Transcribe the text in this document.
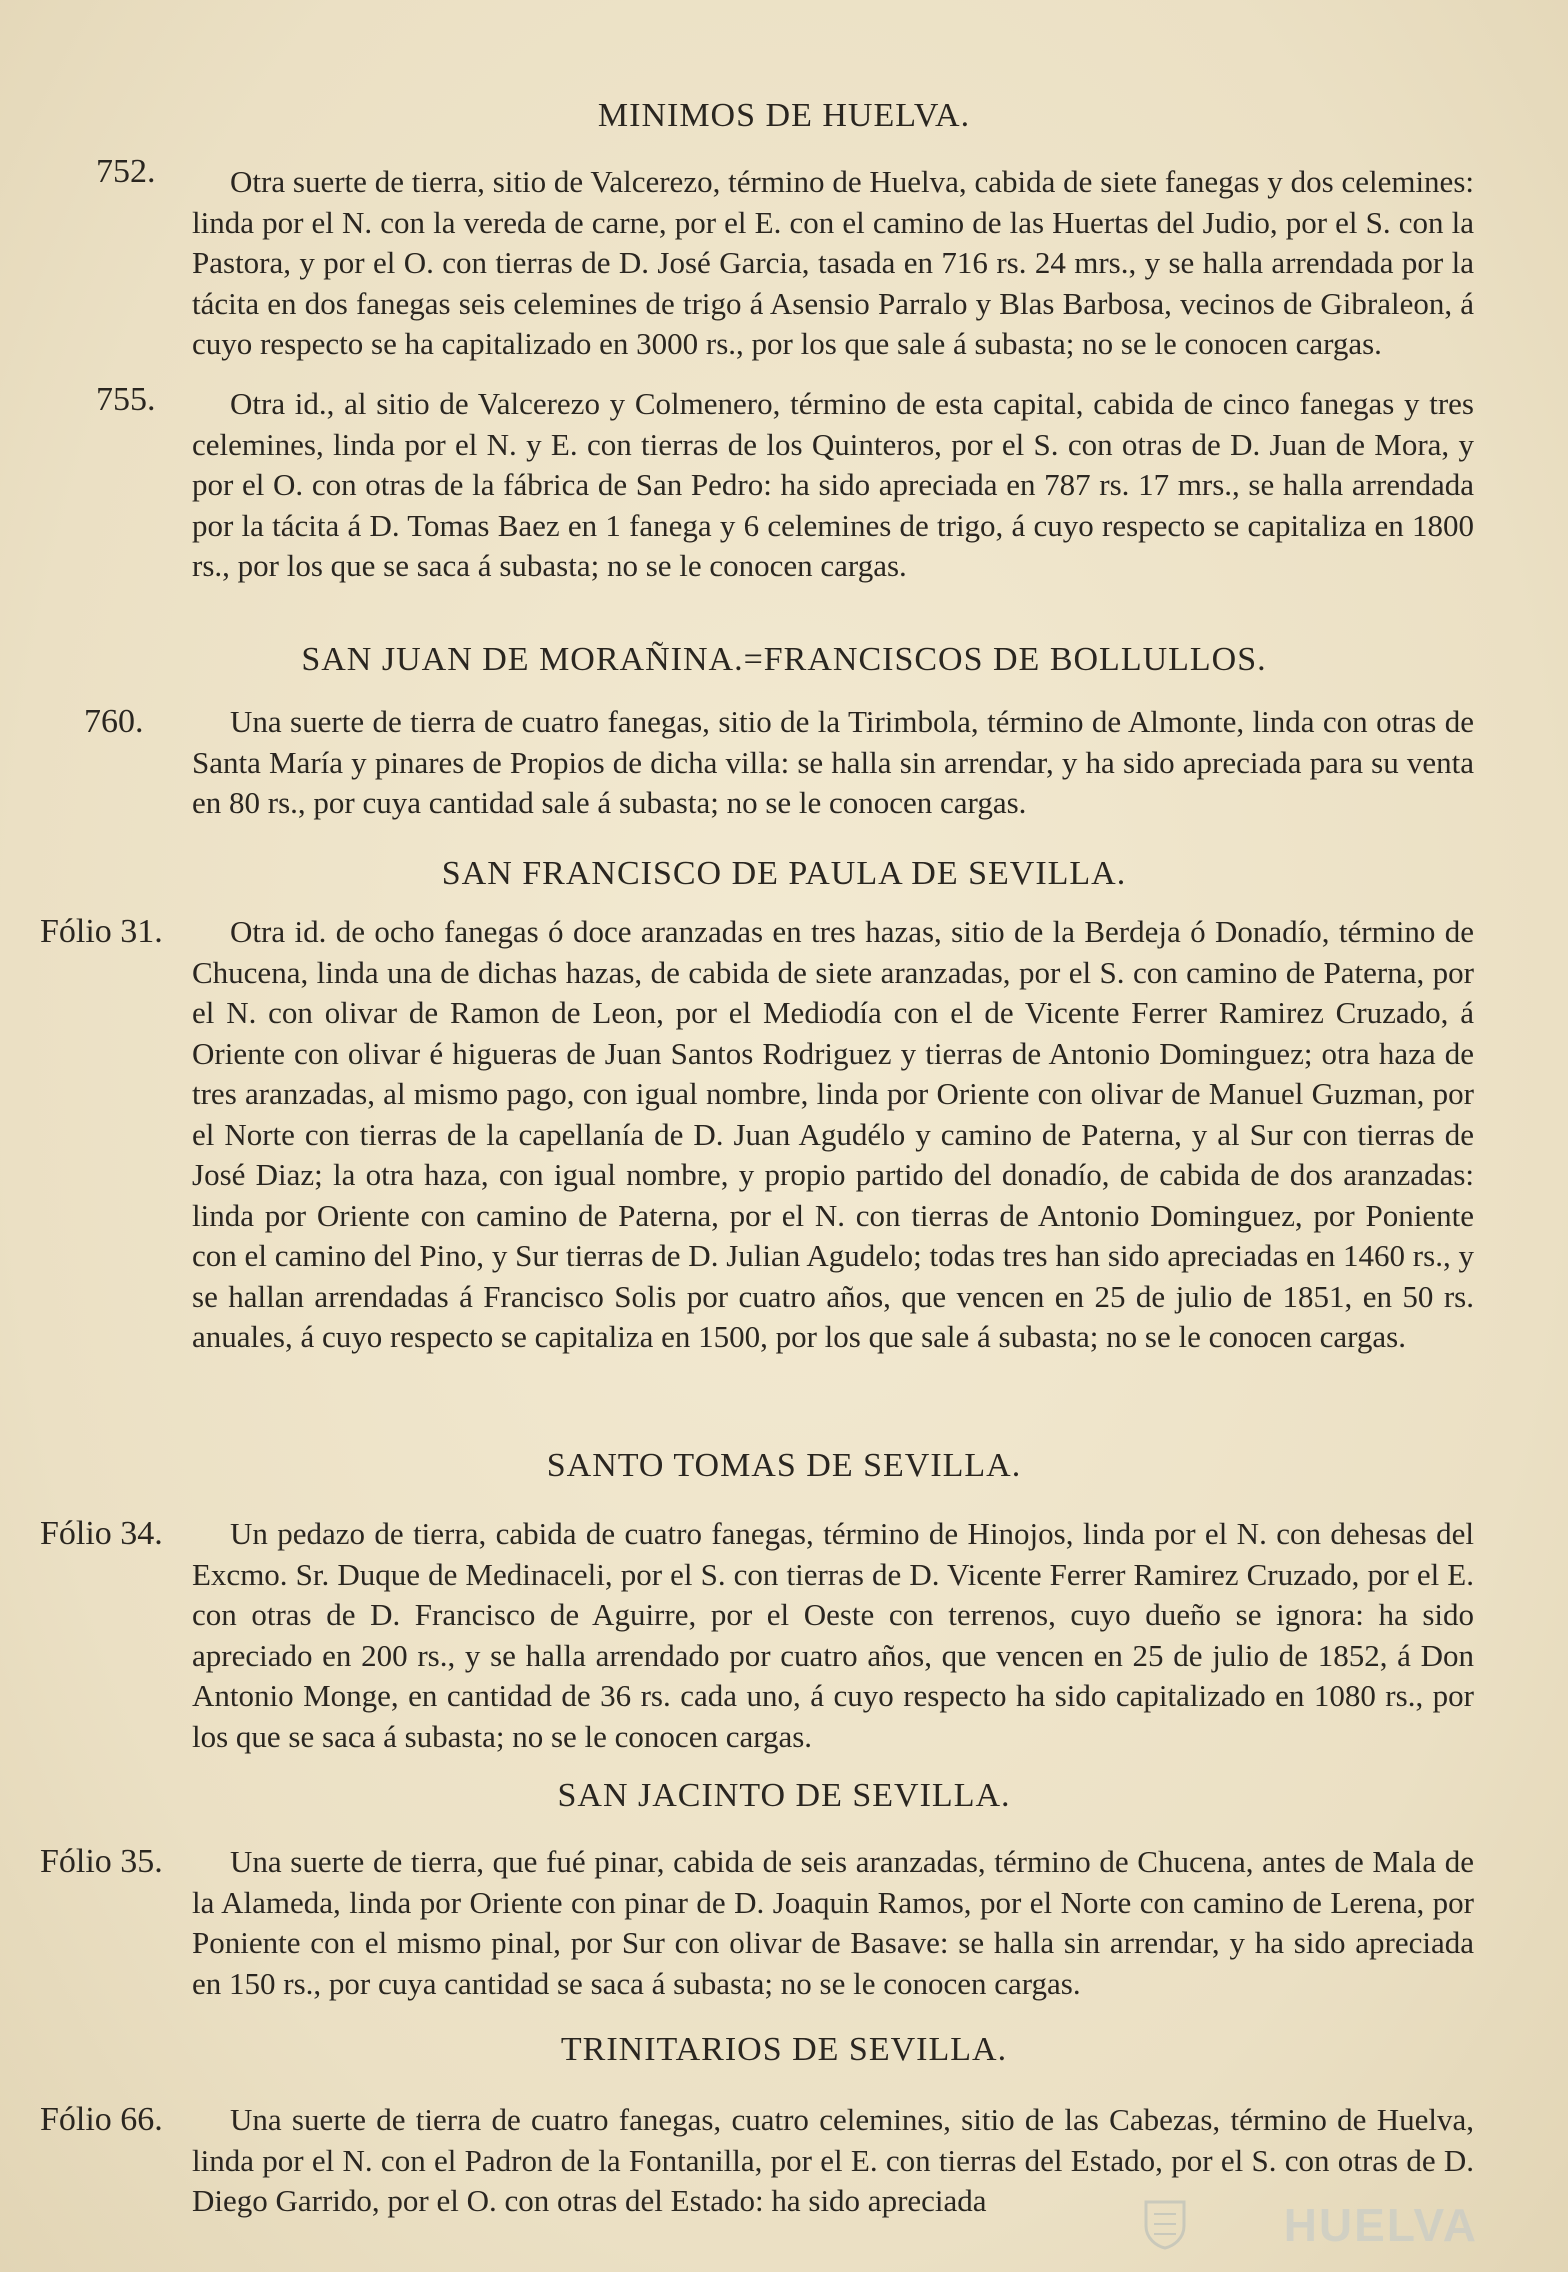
MINIMOS DE HUELVA.
752.	Otra suerte de tierra, sitio de Valcerezo, término de Huelva, cabida de siete fanegas y dos celemines: linda por el N. con la vereda de carne, por el E. con el camino de las Huertas del Judio, por el S. con la Pastora, y por el O. con tierras de D. José Garcia, tasada en 716 rs. 24 mrs., y se halla arrendada por la tácita en dos fanegas seis celemines de trigo á Asensio Parralo y Blas Barbosa, vecinos de Gibraleon, á cuyo respecto se ha capitalizado en 3000 rs., por los que sale á subasta; no se le conocen cargas.
755.	Otra id., al sitio de Valcerezo y Colmenero, término de esta capital, cabida de cinco fanegas y tres celemines, linda por el N. y E. con tierras de los Quinteros, por el S. con otras de D. Juan de Mora, y por el O. con otras de la fábrica de San Pedro: ha sido apreciada en 787 rs. 17 mrs., se halla arrendada por la tácita á D. Tomas Baez en 1 fanega y 6 celemines de trigo, á cuyo respecto se capitaliza en 1800 rs., por los que se saca á subasta; no se le conocen cargas.
SAN JUAN DE MORAÑINA.=FRANCISCOS DE BOLLULLOS.
760.	Una suerte de tierra de cuatro fanegas, sitio de la Tirimbola, término de Almonte, linda con otras de Santa María y pinares de Propios de dicha villa: se halla sin arrendar, y ha sido apreciada para su venta en 80 rs., por cuya cantidad sale á subasta; no se le conocen cargas.
SAN FRANCISCO DE PAULA DE SEVILLA.
Fólio 31.	Otra id. de ocho fanegas ó doce aranzadas en tres hazas, sitio de la Berdeja ó Donadío, término de Chucena, linda una de dichas hazas, de cabida de siete aranzadas, por el S. con camino de Paterna, por el N. con olivar de Ramon de Leon, por el Mediodía con el de Vicente Ferrer Ramirez Cruzado, á Oriente con olivar é higueras de Juan Santos Rodriguez y tierras de Antonio Dominguez; otra haza de tres aranzadas, al mismo pago, con igual nombre, linda por Oriente con olivar de Manuel Guzman, por el Norte con tierras de la capellanía de D. Juan Agudélo y camino de Paterna, y al Sur con tierras de José Diaz; la otra haza, con igual nombre, y propio partido del donadío, de cabida de dos aranzadas: linda por Oriente con camino de Paterna, por el N. con tierras de Antonio Dominguez, por Poniente con el camino del Pino, y Sur tierras de D. Julian Agudelo; todas tres han sido apreciadas en 1460 rs., y se hallan arrendadas á Francisco Solis por cuatro años, que vencen en 25 de julio de 1851, en 50 rs. anuales, á cuyo respecto se capitaliza en 1500, por los que sale á subasta; no se le conocen cargas.
SANTO TOMAS DE SEVILLA.
Fólio 34.	Un pedazo de tierra, cabida de cuatro fanegas, término de Hinojos, linda por el N. con dehesas del Excmo. Sr. Duque de Medinaceli, por el S. con tierras de D. Vicente Ferrer Ramirez Cruzado, por el E. con otras de D. Francisco de Aguirre, por el Oeste con terrenos, cuyo dueño se ignora: ha sido apreciado en 200 rs., y se halla arrendado por cuatro años, que vencen en 25 de julio de 1852, á Don Antonio Monge, en cantidad de 36 rs. cada uno, á cuyo respecto ha sido capitalizado en 1080 rs., por los que se saca á subasta; no se le conocen cargas.
SAN JACINTO DE SEVILLA.
Fólio 35.	Una suerte de tierra, que fué pinar, cabida de seis aranzadas, término de Chucena, antes de Mala de la Alameda, linda por Oriente con pinar de D. Joaquin Ramos, por el Norte con camino de Lerena, por Poniente con el mismo pinal, por Sur con olivar de Basave: se halla sin arrendar, y ha sido apreciada en 150 rs., por cuya cantidad se saca á subasta; no se le conocen cargas.
TRINITARIOS DE SEVILLA.
Fólio 66.	Una suerte de tierra de cuatro fanegas, cuatro celemines, sitio de las Cabezas, término de Huelva, linda por el N. con el Padron de la Fontanilla, por el E. con tierras del Estado, por el S. con otras de D. Diego Garrido, por el O. con otras del Estado: ha sido apreciada	HUELVA
